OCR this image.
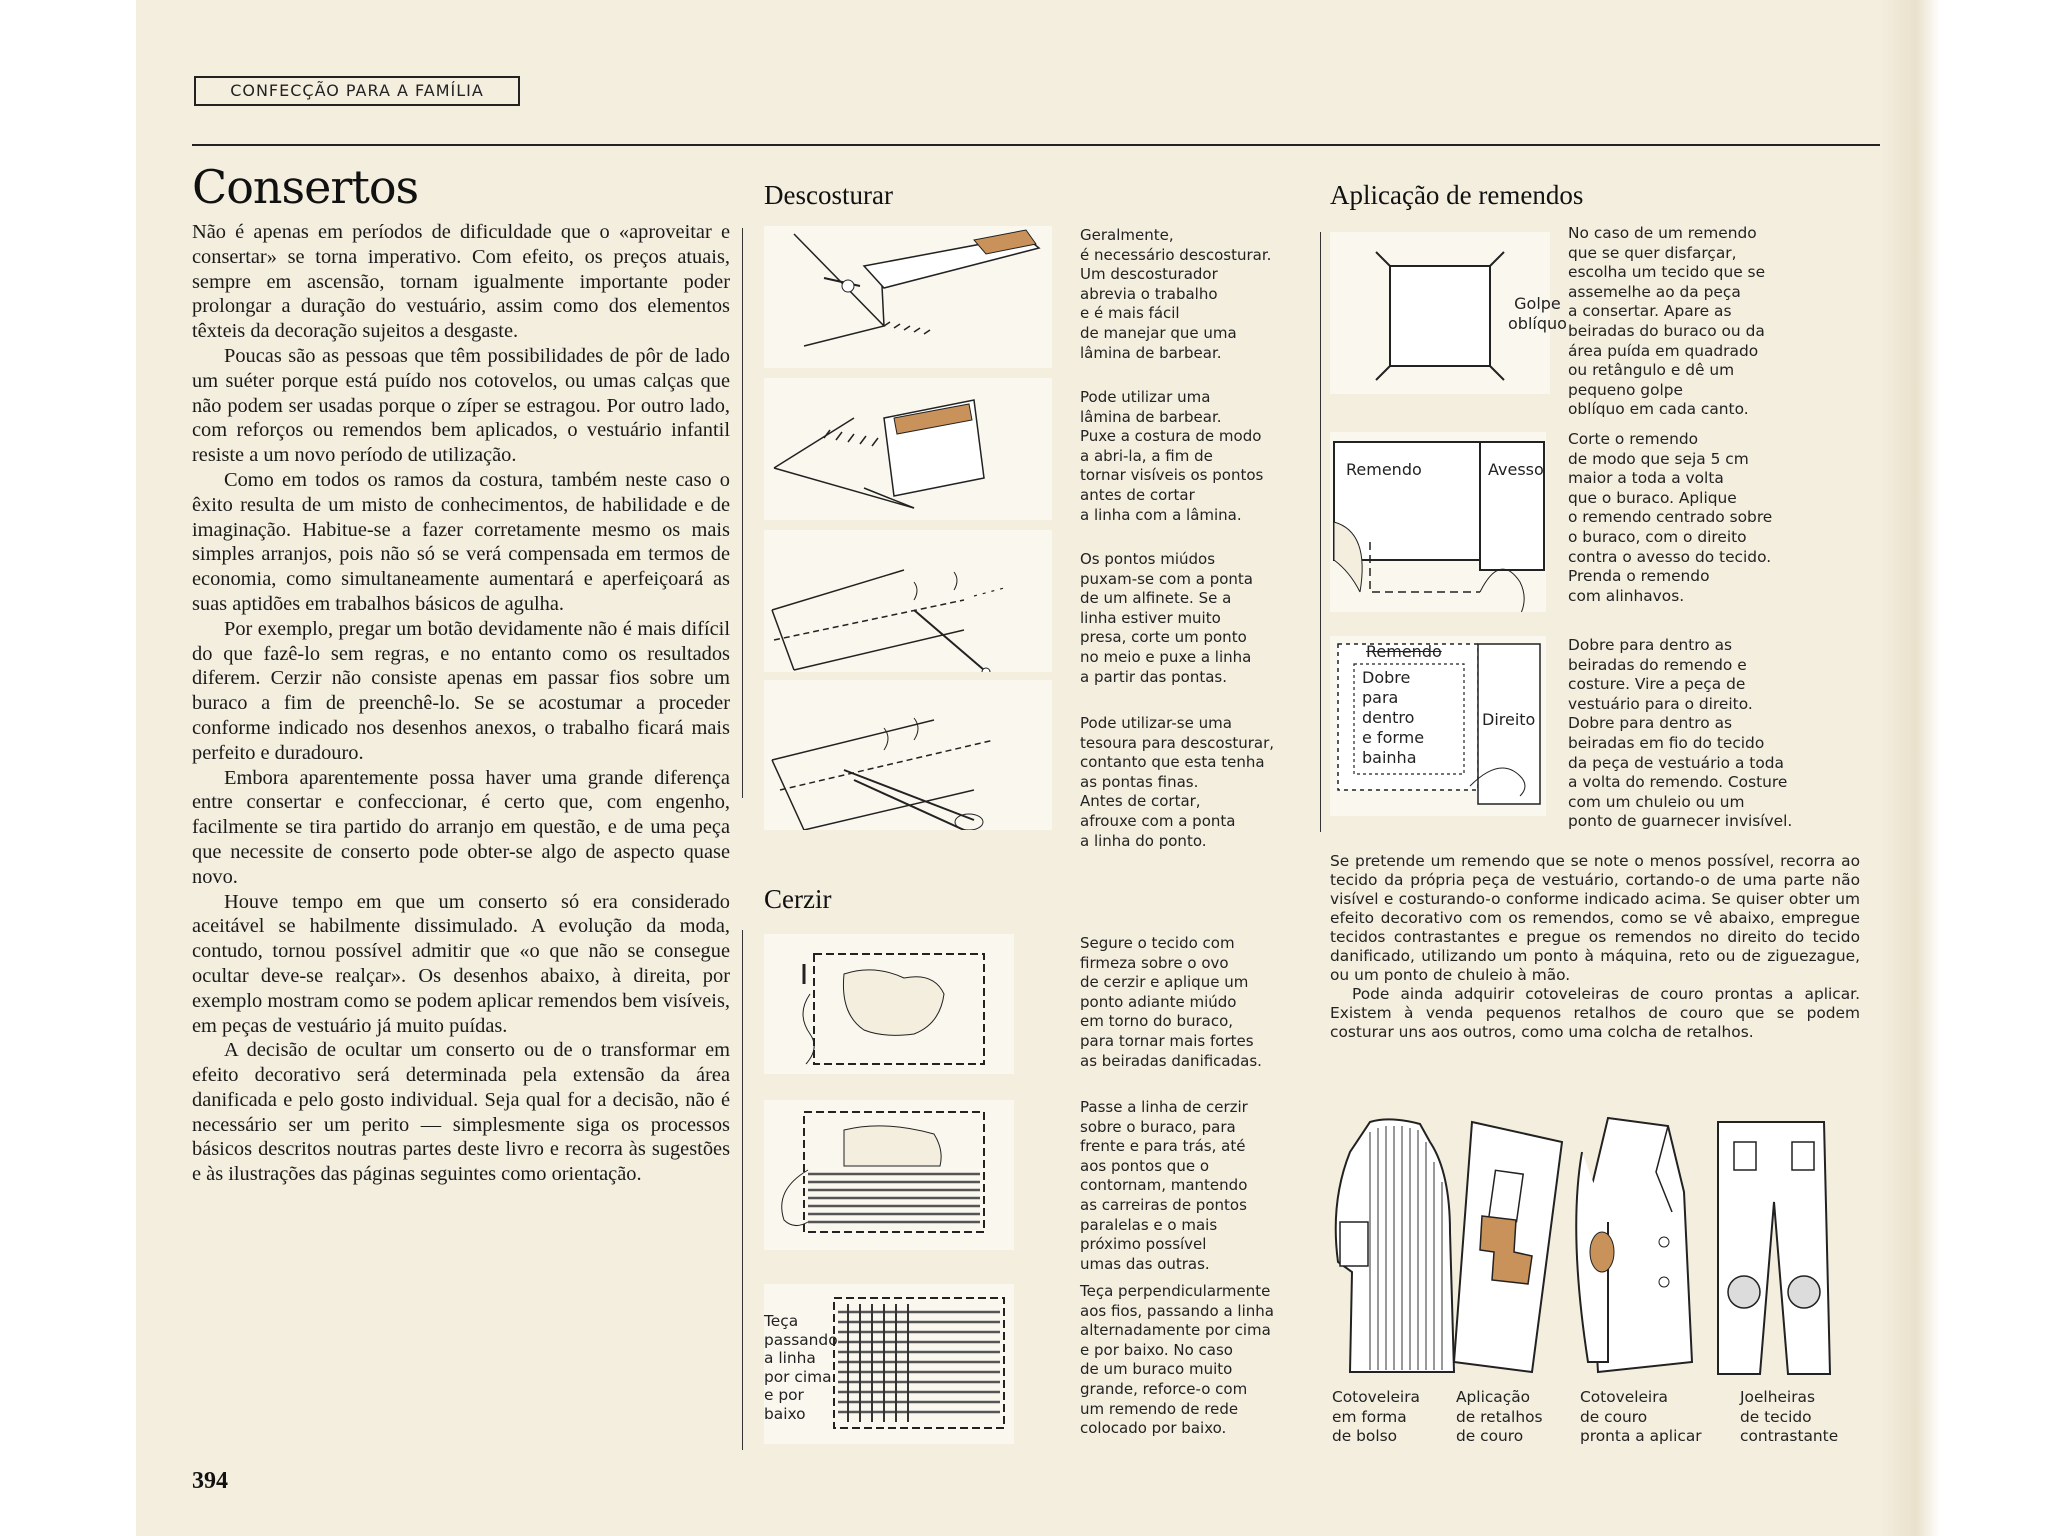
CONFECÇÃO PARA A FAMÍLIA
Consertos

Não é apenas em períodos de dificuldade que o «aproveitar e consertar» se torna imperativo. Com efeito, os preços atuais, sempre em ascensão, tornam igualmente importante poder prolongar a duração do vestuário, assim como dos elementos têxteis da decoração sujeitos a desgaste.

Poucas são as pessoas que têm possibilidades de pôr de lado um suéter porque está puído nos cotovelos, ou umas calças que não podem ser usadas porque o zíper se estragou. Por outro lado, com reforços ou remendos bem aplicados, o vestuário infantil resiste a um novo período de utilização.

Como em todos os ramos da costura, também neste caso o êxito resulta de um misto de conhecimentos, de habilidade e de imaginação. Habitue-se a fazer corretamente mesmo os mais simples arranjos, pois não só se verá compensada em termos de economia, como simultaneamente aumentará e aperfeiçoará as suas aptidões em trabalhos básicos de agulha.

Por exemplo, pregar um botão devidamente não é mais difícil do que fazê-lo sem regras, e no entanto como os resultados diferem. Cerzir não consiste apenas em passar fios sobre um buraco a fim de preenchê-lo. Se se acostumar a proceder conforme indicado nos desenhos anexos, o trabalho ficará mais perfeito e duradouro.

Embora aparentemente possa haver uma grande diferença entre consertar e confeccionar, é certo que, com engenho, facilmente se tira partido do arranjo em questão, e de uma peça que necessite de conserto pode obter-se algo de aspecto quase novo.

Houve tempo em que um conserto só era considerado aceitável se habilmente dissimulado. A evolução da moda, contudo, tornou possível admitir que «o que não se consegue ocultar deve-se realçar». Os desenhos abaixo, à direita, por exemplo mostram como se podem aplicar remendos bem visíveis, em peças de vestuário já muito puídas.

A decisão de ocultar um conserto ou de o transformar em efeito decorativo será determinada pela extensão da área danificada e pelo gosto individual. Seja qual for a decisão, não é necessário ser um perito — simplesmente siga os processos básicos descritos noutras partes deste livro e recorra às sugestões e às ilustrações das páginas seguintes como orientação.

394
Descosturar
Geralmente,
é necessário descosturar.
Um descosturador
abrevia o trabalho
e é mais fácil
de manejar que uma
lâmina de barbear.
Pode utilizar uma
lâmina de barbear.
Puxe a costura de modo
a abri-la, a fim de
tornar visíveis os pontos
antes de cortar
a linha com a lâmina.
Os pontos miúdos
puxam-se com a ponta
de um alfinete. Se a
linha estiver muito
presa, corte um ponto
no meio e puxe a linha
a partir das pontas.
Pode utilizar-se uma
tesoura para descosturar,
contanto que esta tenha
as pontas finas.
Antes de cortar,
afrouxe com a ponta
a linha do ponto.
Cerzir
Teça
passando
a linha
por cima
e por
baixo
Segure o tecido com
firmeza sobre o ovo
de cerzir e aplique um
ponto adiante miúdo
em torno do buraco,
para tornar mais fortes
as beiradas danificadas.
Passe a linha de cerzir
sobre o buraco, para
frente e para trás, até
aos pontos que o
contornam, mantendo
as carreiras de pontos
paralelas e o mais
próximo possível
umas das outras.
Teça perpendicularmente
aos fios, passando a linha
alternadamente por cima
e por baixo. No caso
de um buraco muito
grande, reforce-o com
um remendo de rede
colocado por baixo.
Aplicação de remendos
Golpe
oblíquo
Remendo	Avesso
Remendo
Dobre
para
dentro
e forme
bainha
Direito
No caso de um remendo
que se quer disfarçar,
escolha um tecido que se
assemelhe ao da peça
a consertar. Apare as
beiradas do buraco ou da
área puída em quadrado
ou retângulo e dê um
pequeno golpe
oblíquo em cada canto.
Corte o remendo
de modo que seja 5 cm
maior a toda a volta
que o buraco. Aplique
o remendo centrado sobre
o buraco, com o direito
contra o avesso do tecido.
Prenda o remendo
com alinhavos.
Dobre para dentro as
beiradas do remendo e
costure. Vire a peça de
vestuário para o direito.
Dobre para dentro as
beiradas em fio do tecido
da peça de vestuário a toda
a volta do remendo. Costure
com um chuleio ou um
ponto de guarnecer invisível.

Se pretende um remendo que se note o menos possível, recorra ao tecido da própria peça de vestuário, cortando-o de uma parte não visível e costurando-o conforme indicado acima. Se quiser obter um efeito decorativo com os remendos, como se vê abaixo, empregue tecidos contrastantes e pregue os remendos no direito do tecido danificado, utilizando um ponto à máquina, reto ou de ziguezague, ou um ponto de chuleio à mão.

Pode ainda adquirir cotoveleiras de couro prontas a aplicar. Existem à venda pequenos retalhos de couro que se podem costurar uns aos outros, como uma colcha de retalhos.

Cotoveleira
em forma
de bolso
Aplicação
de retalhos
de couro
Cotoveleira
de couro
pronta a aplicar
Joelheiras
de tecido
contrastante
